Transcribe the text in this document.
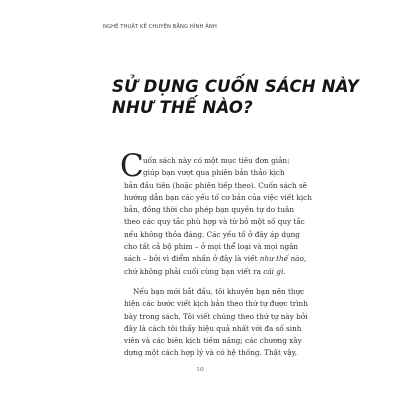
NGHỆ THUẬT KỂ CHUYỆN BẰNG HÌNH ẢNH
SỬ DỤNG CUỐN SÁCH NÀY
NHƯ THẾ NÀO?

C uốn sách này có một mục tiêu đơn giản:
giúp bạn vượt qua phiên bản thảo kịch
bản đầu tiên (hoặc phiên tiếp theo). Cuốn sách sẽ
hướng dẫn bạn các yếu tố cơ bản của việc viết kịch
bản, đồng thời cho phép bạn quyền tự do tuân
theo các quy tắc phù hợp và từ bỏ một số quy tắc
nếu không thỏa đáng. Các yếu tố ở đây áp dụng
cho tất cả bộ phim – ở mọi thể loại và mọi ngân
sách – bởi vì điểm nhấn ở đây là viết như thế nào,
chứ không phải cuối cùng bạn viết ra cái gì.

Nếu bạn mới bắt đầu, tôi khuyên bạn nên thực
hiện các bước viết kịch bản theo thứ tự được trình
bày trong sách. Tôi viết chúng theo thứ tự này bởi
đây là cách tôi thấy hiệu quả nhất với đa số sinh
viên và các biên kịch tiềm năng; các chương xây
dựng một cách hợp lý và có hệ thống. Thật vậy,

10
